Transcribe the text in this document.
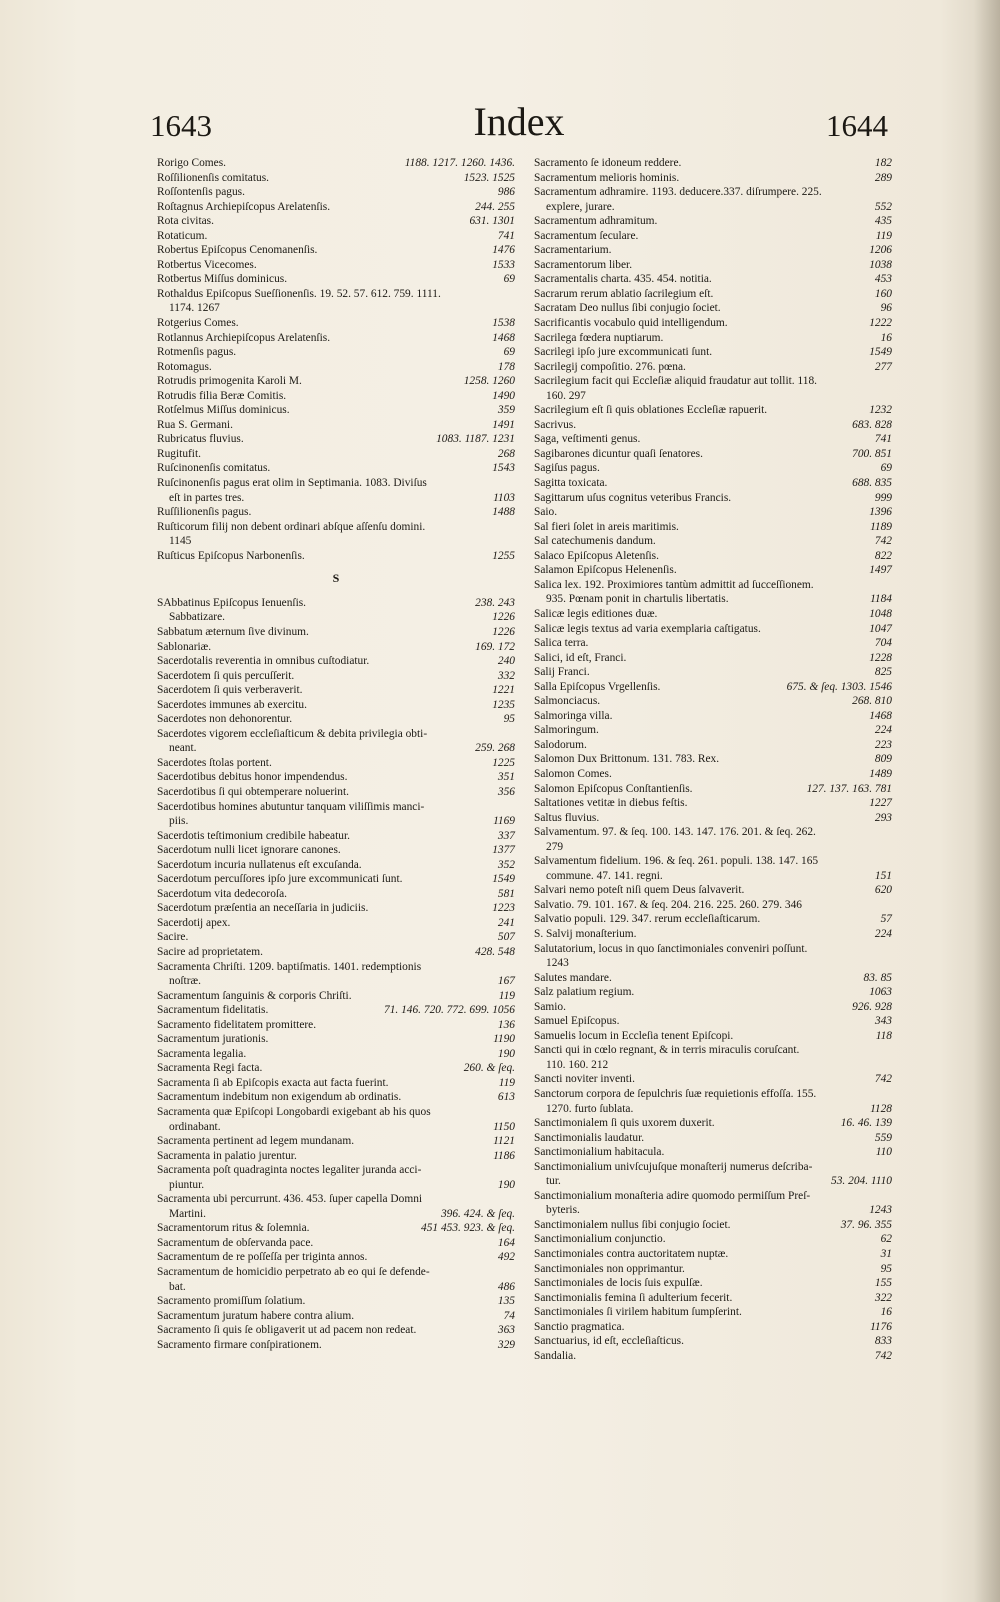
1643	Index	1644
1188. 1217. 1260. 1436.
Rorigo Comes.
1523. 1525
Roſſilionenſis comitatus.
986
Roſſontenſis pagus.
244. 255
Roſtagnus Archiepiſcopus Arelatenſis.
631. 1301
Rota civitas.
741
Rotaticum.
1476
Robertus Epiſcopus Cenomanenſis.
1533
Rotbertus Vicecomes.
69
Rotbertus Miſſus dominicus.
Rothaldus Epiſcopus Sueſſionenſis. 19. 52. 57. 612. 759. 1111.
1174. 1267
1538
Rotgerius Comes.
1468
Rotlannus Archiepiſcopus Arelatenſis.
69
Rotmenſis pagus.
178
Rotomagus.
1258. 1260
Rotrudis primogenita Karoli M.
1490
Rotrudis filia Beræ Comitis.
359
Rotſelmus Miſſus dominicus.
1491
Rua S. Germani.
1083. 1187. 1231
Rubricatus fluvius.
268
Rugitufit.
1543
Ruſcinonenſis comitatus.
Ruſcinonenſis pagus erat olim in Septimania. 1083. Diviſus
1103
eſt in partes tres.
1488
Ruſſilionenſis pagus.
Ruſticorum filij non debent ordinari abſque aſſenſu domini.
1145
1255
Ruſticus Epiſcopus Narbonenſis.
S
238. 243
SAbbatinus Epiſcopus Ienuenſis.
1226
Sabbatizare.
1226
Sabbatum æternum ſive divinum.
169. 172
Sablonariæ.
240
Sacerdotalis reverentia in omnibus cuſtodiatur.
332
Sacerdotem ſi quis percuſſerit.
1221
Sacerdotem ſi quis verberaverit.
1235
Sacerdotes immunes ab exercitu.
95
Sacerdotes non dehonorentur.
Sacerdotes vigorem eccleſiaſticum & debita privilegia obti-
259. 268
neant.
1225
Sacerdotes ſtolas portent.
351
Sacerdotibus debitus honor impendendus.
356
Sacerdotibus ſi qui obtemperare noluerint.
Sacerdotibus homines abutuntur tanquam viliſſimis manci-
1169
piis.
337
Sacerdotis teſtimonium credibile habeatur.
1377
Sacerdotum nulli licet ignorare canones.
352
Sacerdotum incuria nullatenus eſt excuſanda.
1549
Sacerdotum percuſſores ipſo jure excommunicati ſunt.
581
Sacerdotum vita dedecoroſa.
1223
Sacerdotum præſentia an neceſſaria in judiciis.
241
Sacerdotij apex.
507
Sacire.
428. 548
Sacire ad proprietatem.
Sacramenta Chriſti. 1209. baptiſmatis. 1401. redemptionis
167
noſtræ.
119
Sacramentum ſanguinis & corporis Chriſti.
71. 146. 720. 772. 699. 1056
Sacramentum fidelitatis.
136
Sacramento fidelitatem promittere.
1190
Sacramentum jurationis.
190
Sacramenta legalia.
260. & ſeq.
Sacramenta Regi facta.
119
Sacramenta ſi ab Epiſcopis exacta aut facta fuerint.
613
Sacramentum indebitum non exigendum ab ordinatis.
Sacramenta quæ Epiſcopi Longobardi exigebant ab his quos
1150
ordinabant.
1121
Sacramenta pertinent ad legem mundanam.
1186
Sacramenta in palatio jurentur.
Sacramenta poſt quadraginta noctes legaliter juranda acci-
190
piuntur.
Sacramenta ubi percurrunt. 436. 453. ſuper capella Domni
396. 424. & ſeq.
Martini.
451 453. 923. & ſeq.
Sacramentorum ritus & ſolemnia.
164
Sacramentum de obſervanda pace.
492
Sacramentum de re poſſeſſa per triginta annos.
Sacramentum de homicidio perpetrato ab eo qui ſe defende-
486
bat.
135
Sacramento promiſſum ſolatium.
74
Sacramentum juratum habere contra alium.
363
Sacramento ſi quis ſe obligaverit ut ad pacem non redeat.
329
Sacramento firmare conſpirationem.
182
Sacramento ſe idoneum reddere.
289
Sacramentum melioris hominis.
Sacramentum adhramire. 1193. deducere.337. diſrumpere. 225.
552
explere, jurare.
435
Sacramentum adhramitum.
119
Sacramentum ſeculare.
1206
Sacramentarium.
1038
Sacramentorum liber.
453
Sacramentalis charta. 435. 454. notitia.
160
Sacrarum rerum ablatio ſacrilegium eſt.
96
Sacratam Deo nullus ſibi conjugio ſociet.
1222
Sacrificantis vocabulo quid intelligendum.
16
Sacrilega fœdera nuptiarum.
1549
Sacrilegi ipſo jure excommunicati ſunt.
277
Sacrilegij compoſitio. 276. pœna.
Sacrilegium facit qui Eccleſiæ aliquid fraudatur aut tollit. 118.
160. 297
1232
Sacrilegium eſt ſi quis oblationes Eccleſiæ rapuerit.
683. 828
Sacrivus.
741
Saga, veſtimenti genus.
700. 851
Sagibarones dicuntur quaſi ſenatores.
69
Sagiſus pagus.
688. 835
Sagitta toxicata.
999
Sagittarum uſus cognitus veteribus Francis.
1396
Saio.
1189
Sal fieri ſolet in areis maritimis.
742
Sal catechumenis dandum.
822
Salaco Epiſcopus Aletenſis.
1497
Salamon Epiſcopus Helenenſis.
Salica lex. 192. Proximiores tantùm admittit ad ſucceſſionem.
1184
935. Pœnam ponit in chartulis libertatis.
1048
Salicæ legis editiones duæ.
1047
Salicæ legis textus ad varia exemplaria caſtigatus.
704
Salica terra.
1228
Salici, id eſt, Franci.
825
Salij Franci.
675. & ſeq. 1303. 1546
Salla Epiſcopus Vrgellenſis.
268. 810
Salmonciacus.
1468
Salmoringa villa.
224
Salmoringum.
223
Salodorum.
809
Salomon Dux Brittonum. 131. 783. Rex.
1489
Salomon Comes.
127. 137. 163. 781
Salomon Epiſcopus Conſtantienſis.
1227
Saltationes vetitæ in diebus feſtis.
293
Saltus fluvius.
Salvamentum. 97. & ſeq. 100. 143. 147. 176. 201. & ſeq. 262.
279
Salvamentum fidelium. 196. & ſeq. 261. populi. 138. 147. 165
151
commune. 47. 141. regni.
620
Salvari nemo poteſt niſi quem Deus ſalvaverit.
Salvatio. 79. 101. 167. & ſeq. 204. 216. 225. 260. 279. 346
57
Salvatio populi. 129. 347. rerum eccleſiaſticarum.
224
S. Salvij monaſterium.
Salutatorium, locus in quo ſanctimoniales conveniri poſſunt.
1243
83. 85
Salutes mandare.
1063
Salz palatium regium.
926. 928
Samio.
343
Samuel Epiſcopus.
118
Samuelis locum in Eccleſia tenent Epiſcopi.
Sancti qui in cœlo regnant, & in terris miraculis coruſcant.
110. 160. 212
742
Sancti noviter inventi.
Sanctorum corpora de ſepulchris ſuæ requietionis effoſſa. 155.
1128
1270. furto ſublata.
16. 46. 139
Sanctimonialem ſi quis uxorem duxerit.
559
Sanctimonialis laudatur.
110
Sanctimonialium habitacula.
Sanctimonialium univſcujuſque monaſterij numerus deſcriba-
53. 204. 1110
tur.
Sanctimonialium monaſteria adire quomodo permiſſum Preſ-
1243
byteris.
37. 96. 355
Sanctimonialem nullus ſibi conjugio ſociet.
62
Sanctimonialium conjunctio.
31
Sanctimoniales contra auctoritatem nuptæ.
95
Sanctimoniales non opprimantur.
155
Sanctimoniales de locis ſuis expulſæ.
322
Sanctimonialis femina ſi adulterium fecerit.
16
Sanctimoniales ſi virilem habitum ſumpſerint.
1176
Sanctio pragmatica.
833
Sanctuarius, id eſt, eccleſiaſticus.
742
Sandalia.
